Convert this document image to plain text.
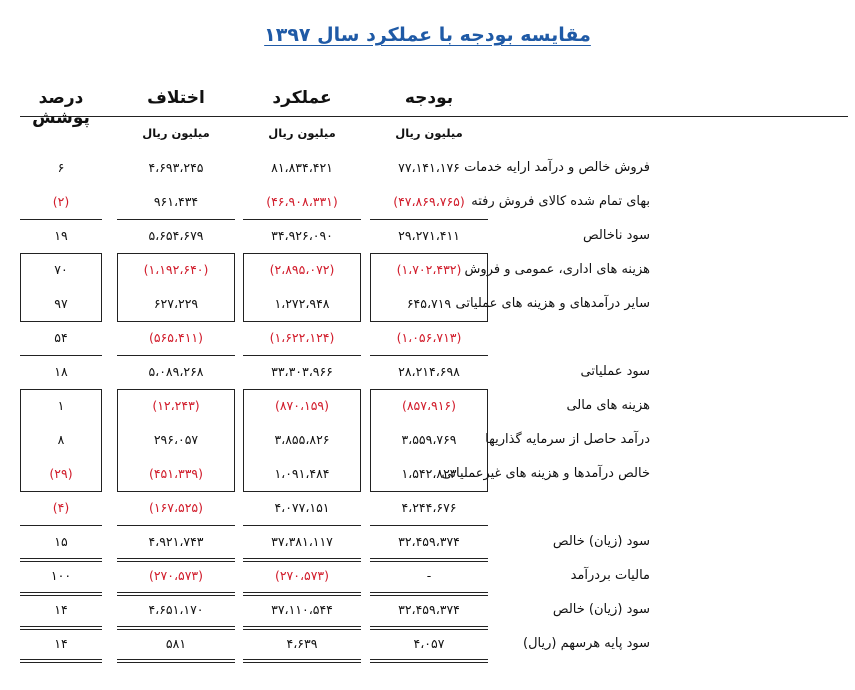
مقایسه بودجه با عملکرد سال ۱۳۹۷
بودجه
عملکرد
اختلاف
درصد پوشش
میلیون ریال
میلیون ریال
میلیون ریال
فروش خالص و درآمد ارایه خدمات
۷۷،۱۴۱،۱۷۶
۸۱،۸۳۴،۴۲۱
۴،۶۹۳،۲۴۵
۶
بهای تمام شده کالای فروش رفته
(۴۷،۸۶۹،۷۶۵)
(۴۶،۹۰۸،۳۳۱)
۹۶۱،۴۳۴
(۲)
سود ناخالص
۲۹،۲۷۱،۴۱۱
۳۴،۹۲۶،۰۹۰
۵،۶۵۴،۶۷۹
۱۹
هزینه های اداری، عمومی و فروش
(۱،۷۰۲،۴۳۲)
(۲،۸۹۵،۰۷۲)
(۱،۱۹۲،۶۴۰)
۷۰
سایر درآمدهای و هزینه های عملیاتی
۶۴۵،۷۱۹
۱،۲۷۲،۹۴۸
۶۲۷،۲۲۹
۹۷
(۱،۰۵۶،۷۱۳)
(۱،۶۲۲،۱۲۴)
(۵۶۵،۴۱۱)
۵۴
سود عملیاتی
۲۸،۲۱۴،۶۹۸
۳۳،۳۰۳،۹۶۶
۵،۰۸۹،۲۶۸
۱۸
هزینه های مالی
(۸۵۷،۹۱۶)
(۸۷۰،۱۵۹)
(۱۲،۲۴۳)
۱
درآمد حاصل از سرمایه گذاریها
۳،۵۵۹،۷۶۹
۳،۸۵۵،۸۲۶
۲۹۶،۰۵۷
۸
خالص درآمدها و هزینه های غیرعملیاتی
۱،۵۴۲،۸۲۳
۱،۰۹۱،۴۸۴
(۴۵۱،۳۳۹)
(۲۹)
۴،۲۴۴،۶۷۶
۴،۰۷۷،۱۵۱
(۱۶۷،۵۲۵)
(۴)
سود (زیان) خالص
۳۲،۴۵۹،۳۷۴
۳۷،۳۸۱،۱۱۷
۴،۹۲۱،۷۴۳
۱۵
مالیات بردرآمد
-
(۲۷۰،۵۷۳)
(۲۷۰،۵۷۳)
۱۰۰
سود (زیان) خالص
۳۲،۴۵۹،۳۷۴
۳۷،۱۱۰،۵۴۴
۴،۶۵۱،۱۷۰
۱۴
سود پایه هرسهم (ریال)
۴،۰۵۷
۴،۶۳۹
۵۸۱
۱۴
